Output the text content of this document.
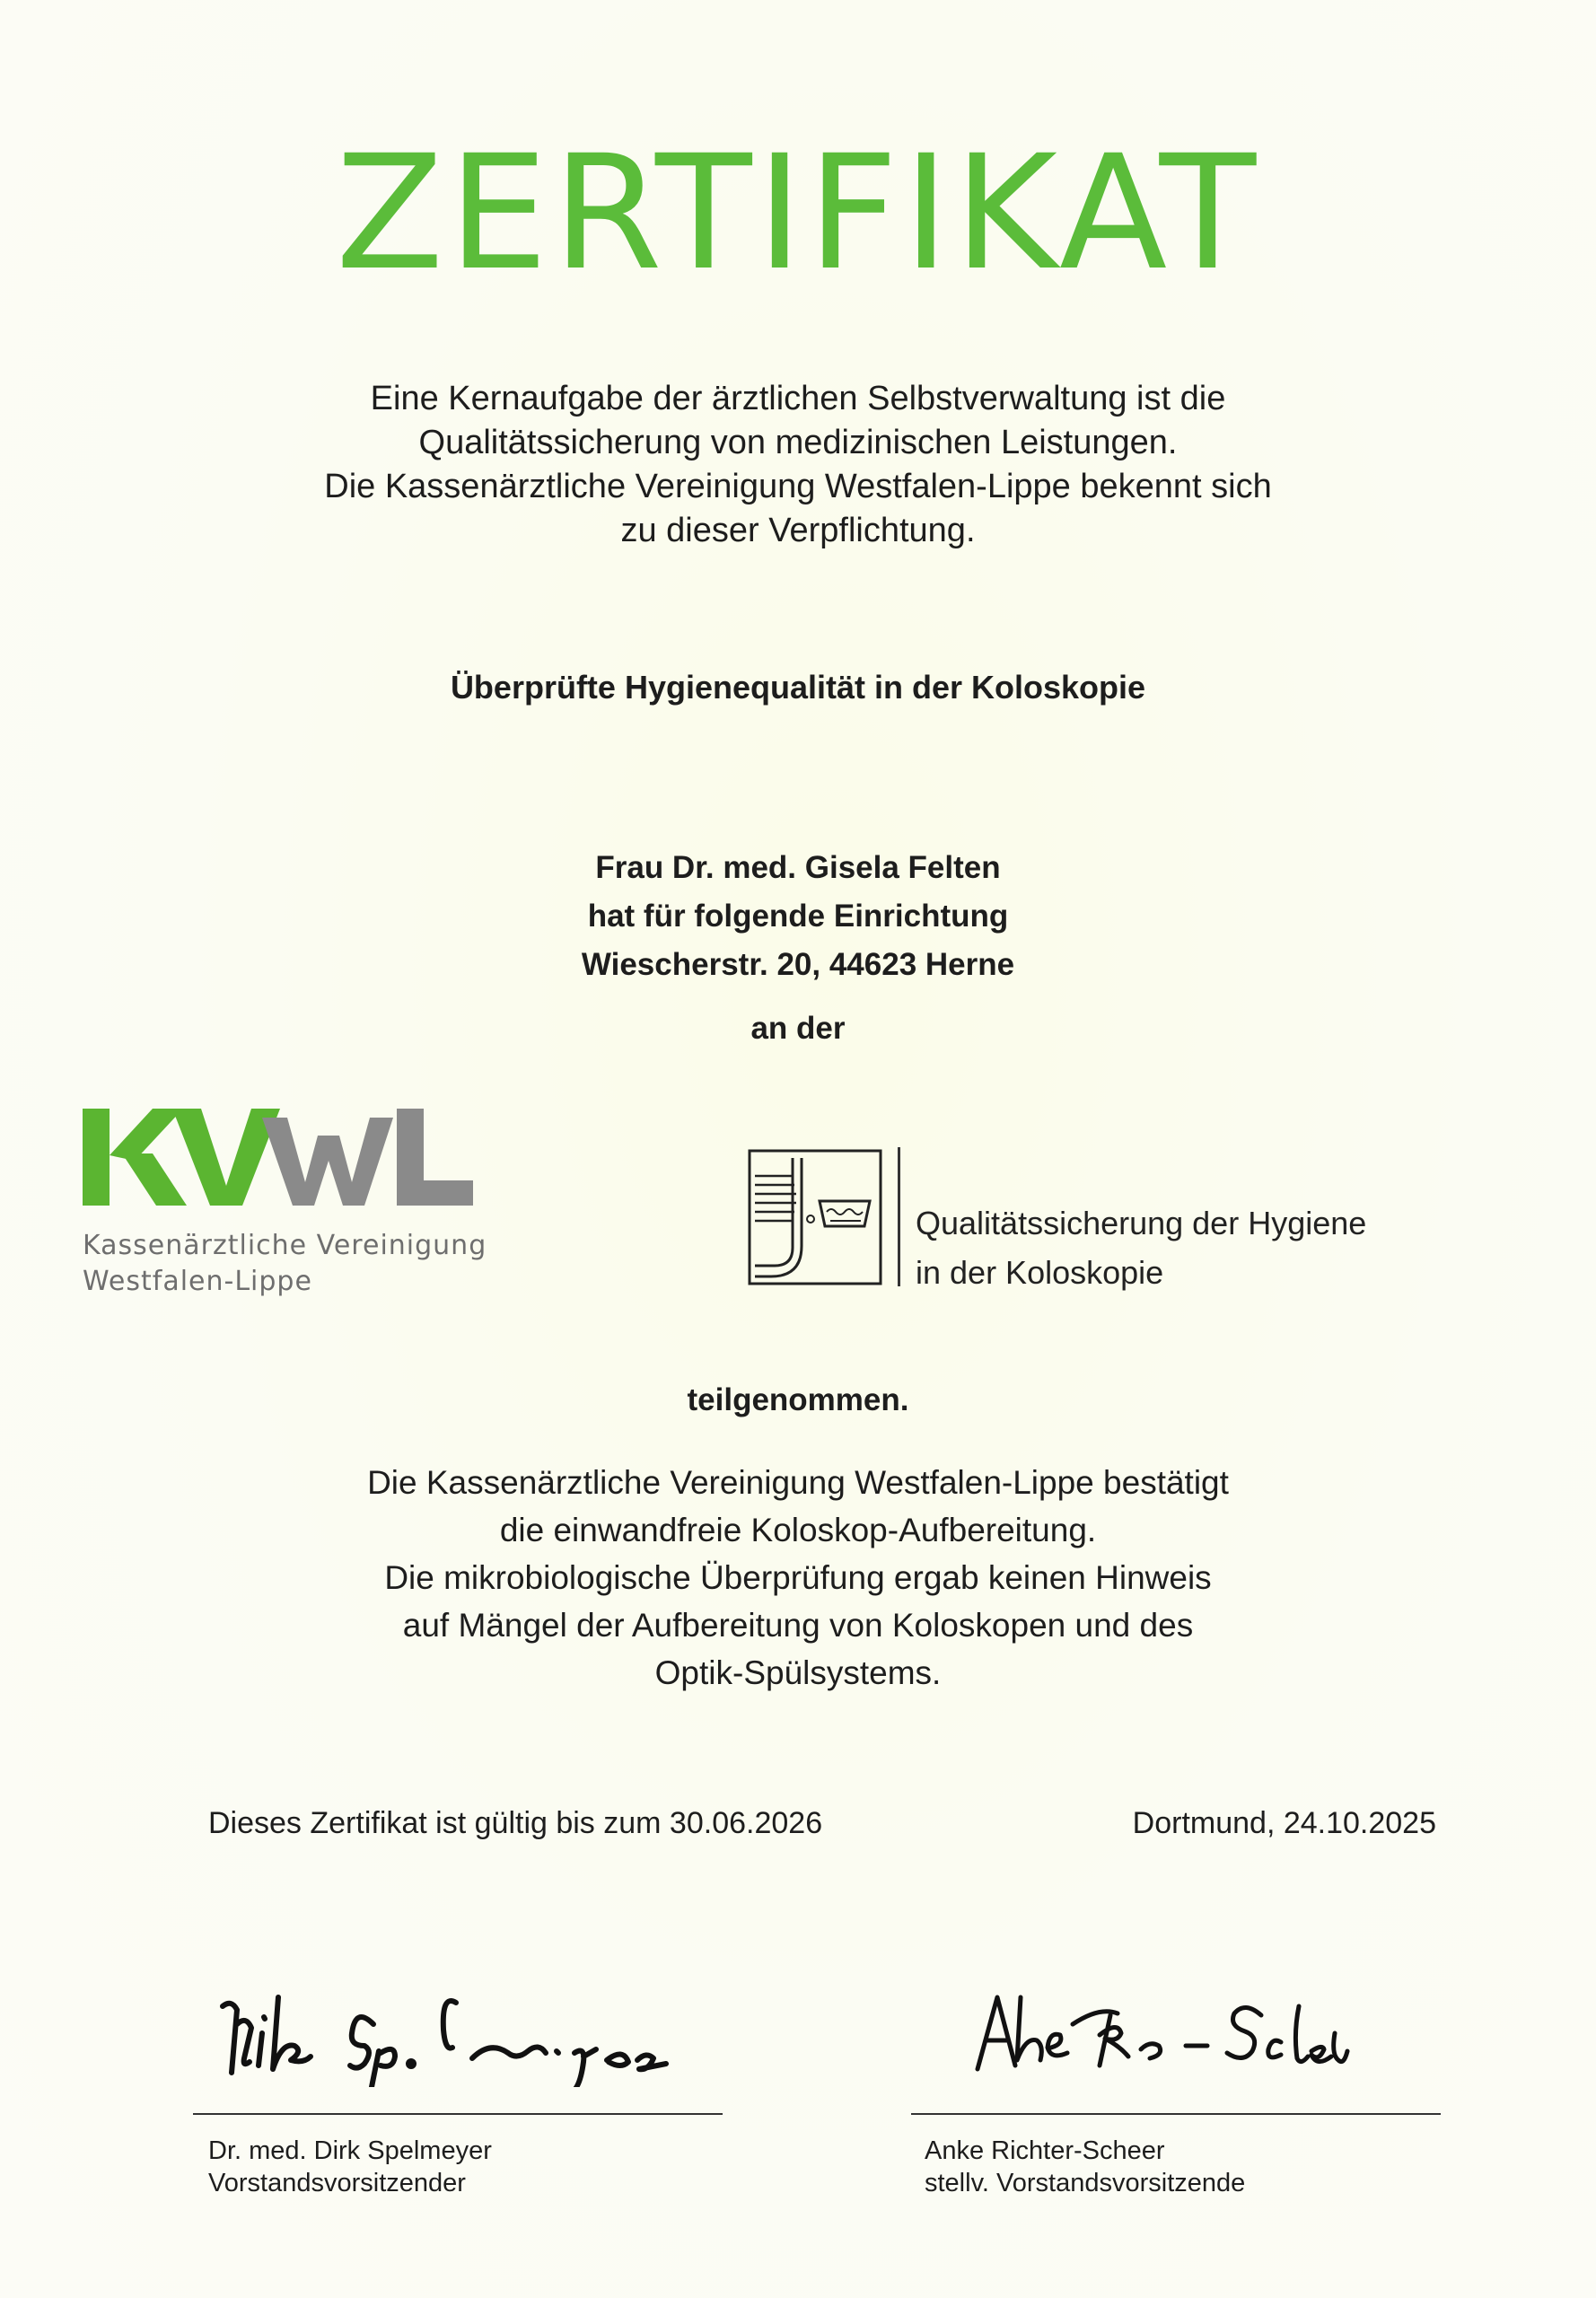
ZERTIFIKAT
Eine Kernaufgabe der ärztlichen Selbstverwaltung ist die
Qualitätssicherung von medizinischen Leistungen.
Die Kassenärztliche Vereinigung Westfalen-Lippe bekennt sich
zu dieser Verpflichtung.
Überprüfte Hygienequalität in der Koloskopie
Frau Dr. med. Gisela Felten
hat für folgende Einrichtung
Wiescherstr. 20, 44623 Herne
an der
Kassenärztliche Vereinigung
Westfalen-Lippe
Qualitätssicherung der Hygiene
in der Koloskopie
teilgenommen.
Die Kassenärztliche Vereinigung Westfalen-Lippe bestätigt
die einwandfreie Koloskop-Aufbereitung.
Die mikrobiologische Überprüfung ergab keinen Hinweis
auf Mängel der Aufbereitung von Koloskopen und des
Optik-Spülsystems.
Dieses Zertifikat ist gültig bis zum 30.06.2026	Dortmund, 24.10.2025
Dr. med. Dirk Spelmeyer
Vorstandsvorsitzender
Anke Richter-Scheer
stellv. Vorstandsvorsitzende
